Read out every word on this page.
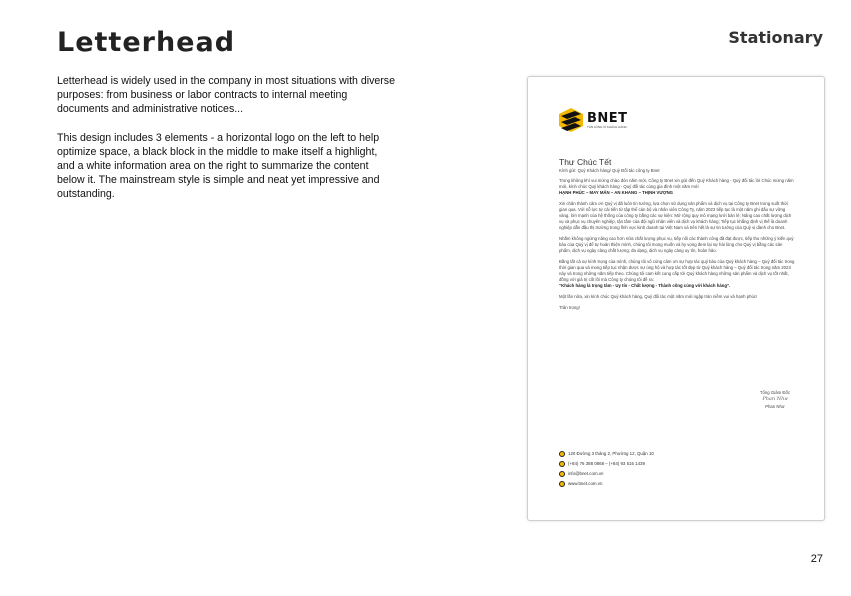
Letterhead	Stationary

Letterhead is widely used in the company in most situations with diverse purposes: from business or labor contracts to internal meeting documents and administrative notices...

This design includes 3 elements - a horizontal logo on the left to help optimize space, a black block in the middle to make itself a highlight, and a white information area on the right to summarize the content below it. The mainstream style is simple and neat yet impressive and outstanding.

BNET
TẬN LÒNG VÌ KHÁCH HÀNG
Thư Chúc Tết
Kính gửi: Quý Khách hàng/ Quý Đối tác công ty Bnet
Trong không khí vui mừng chào đón năm mới, Công ty Bnet xin gửi đến Quý Khách hàng - Quý đối tác lời Chúc mừng năm mới, kính chúc Quý khách hàng - Quý đối tác cùng gia đình một năm mới
HẠNH PHÚC – MAY MẮN – AN KHANG – THỊNH VƯỢNG
Xin chân thành cảm ơn Quý vị đã luôn tin tưởng, lựa chọn sử dụng sản phẩm và dịch vụ tại Công ty Bnet trong suốt thời gian qua. Với nỗ lực tự cải tiến từ tập thể cán bộ và nhân viên Công Ty, năm 2023 tiếp tục là một năm ghi dấu sự vững vàng, lớn mạnh của hệ thống của công ty bằng các sự kiện: Mở rộng quy mô mạng lưới bán lẻ; Nâng cao chất lượng dịch vụ và phục vụ chuyên nghiệp, tận tâm của đội ngũ nhân viên và dịch vụ khách hàng; Tiếp tục khẳng định vị thế là doanh nghiệp dẫn đầu thị trường trong lĩnh vực kinh doanh tại Việt Nam và trên hết là sự tin tưởng của Quý vị dành cho Bnet.
Nhằm không ngừng nâng cao hơn nữa chất lượng phục vụ, tiếp nối các thành công đã đạt được, tiếp thu những ý kiến quý báu của Quý vị để tự hoàn thiện mình, chúng tôi mong muốn và hy vọng đem lại sự hài lòng cho Quý vị bằng các sản phẩm, dịch vụ ngày càng chất lượng, đa dạng, dịch vụ ngày càng uy tín, hoàn hảo.
Bằng tất cả sự kính trọng của mình, chúng tôi vô cùng cảm ơn sự hợp tác quý báu của Quý khách hàng – Quý đối tác trong thời gian qua và mong tiếp tục nhận được sự ủng hộ và hợp tác tốt đẹp từ Quý khách hàng – Quý đối tác trong năm 2023 này và trong những năm tiếp theo. Chúng tôi cam kết cung cấp tới Quý khách hàng những sản phẩm và dịch vụ tốt nhất, đồng với giá trị cốt lõi mà Công ty chúng tôi đề ra:
“Khách hàng là trọng tâm - Uy tín - Chất lượng - Thành công cùng với khách hàng”.
Một lần nữa, xin kính chúc Quý khách hàng, Quý đối tác một năm mới ngập tràn niềm vui và hạnh phúc!
Trân trọng!
Tổng Giám Đốc
Phan Như
Phan Như
120 Đường 3 tháng 2, Phường 12, Quận 10
(+84) 76 388 0868 – (+84) 93 516 1439
info@bnet.com.vn
www.bnet.com.vn
27
